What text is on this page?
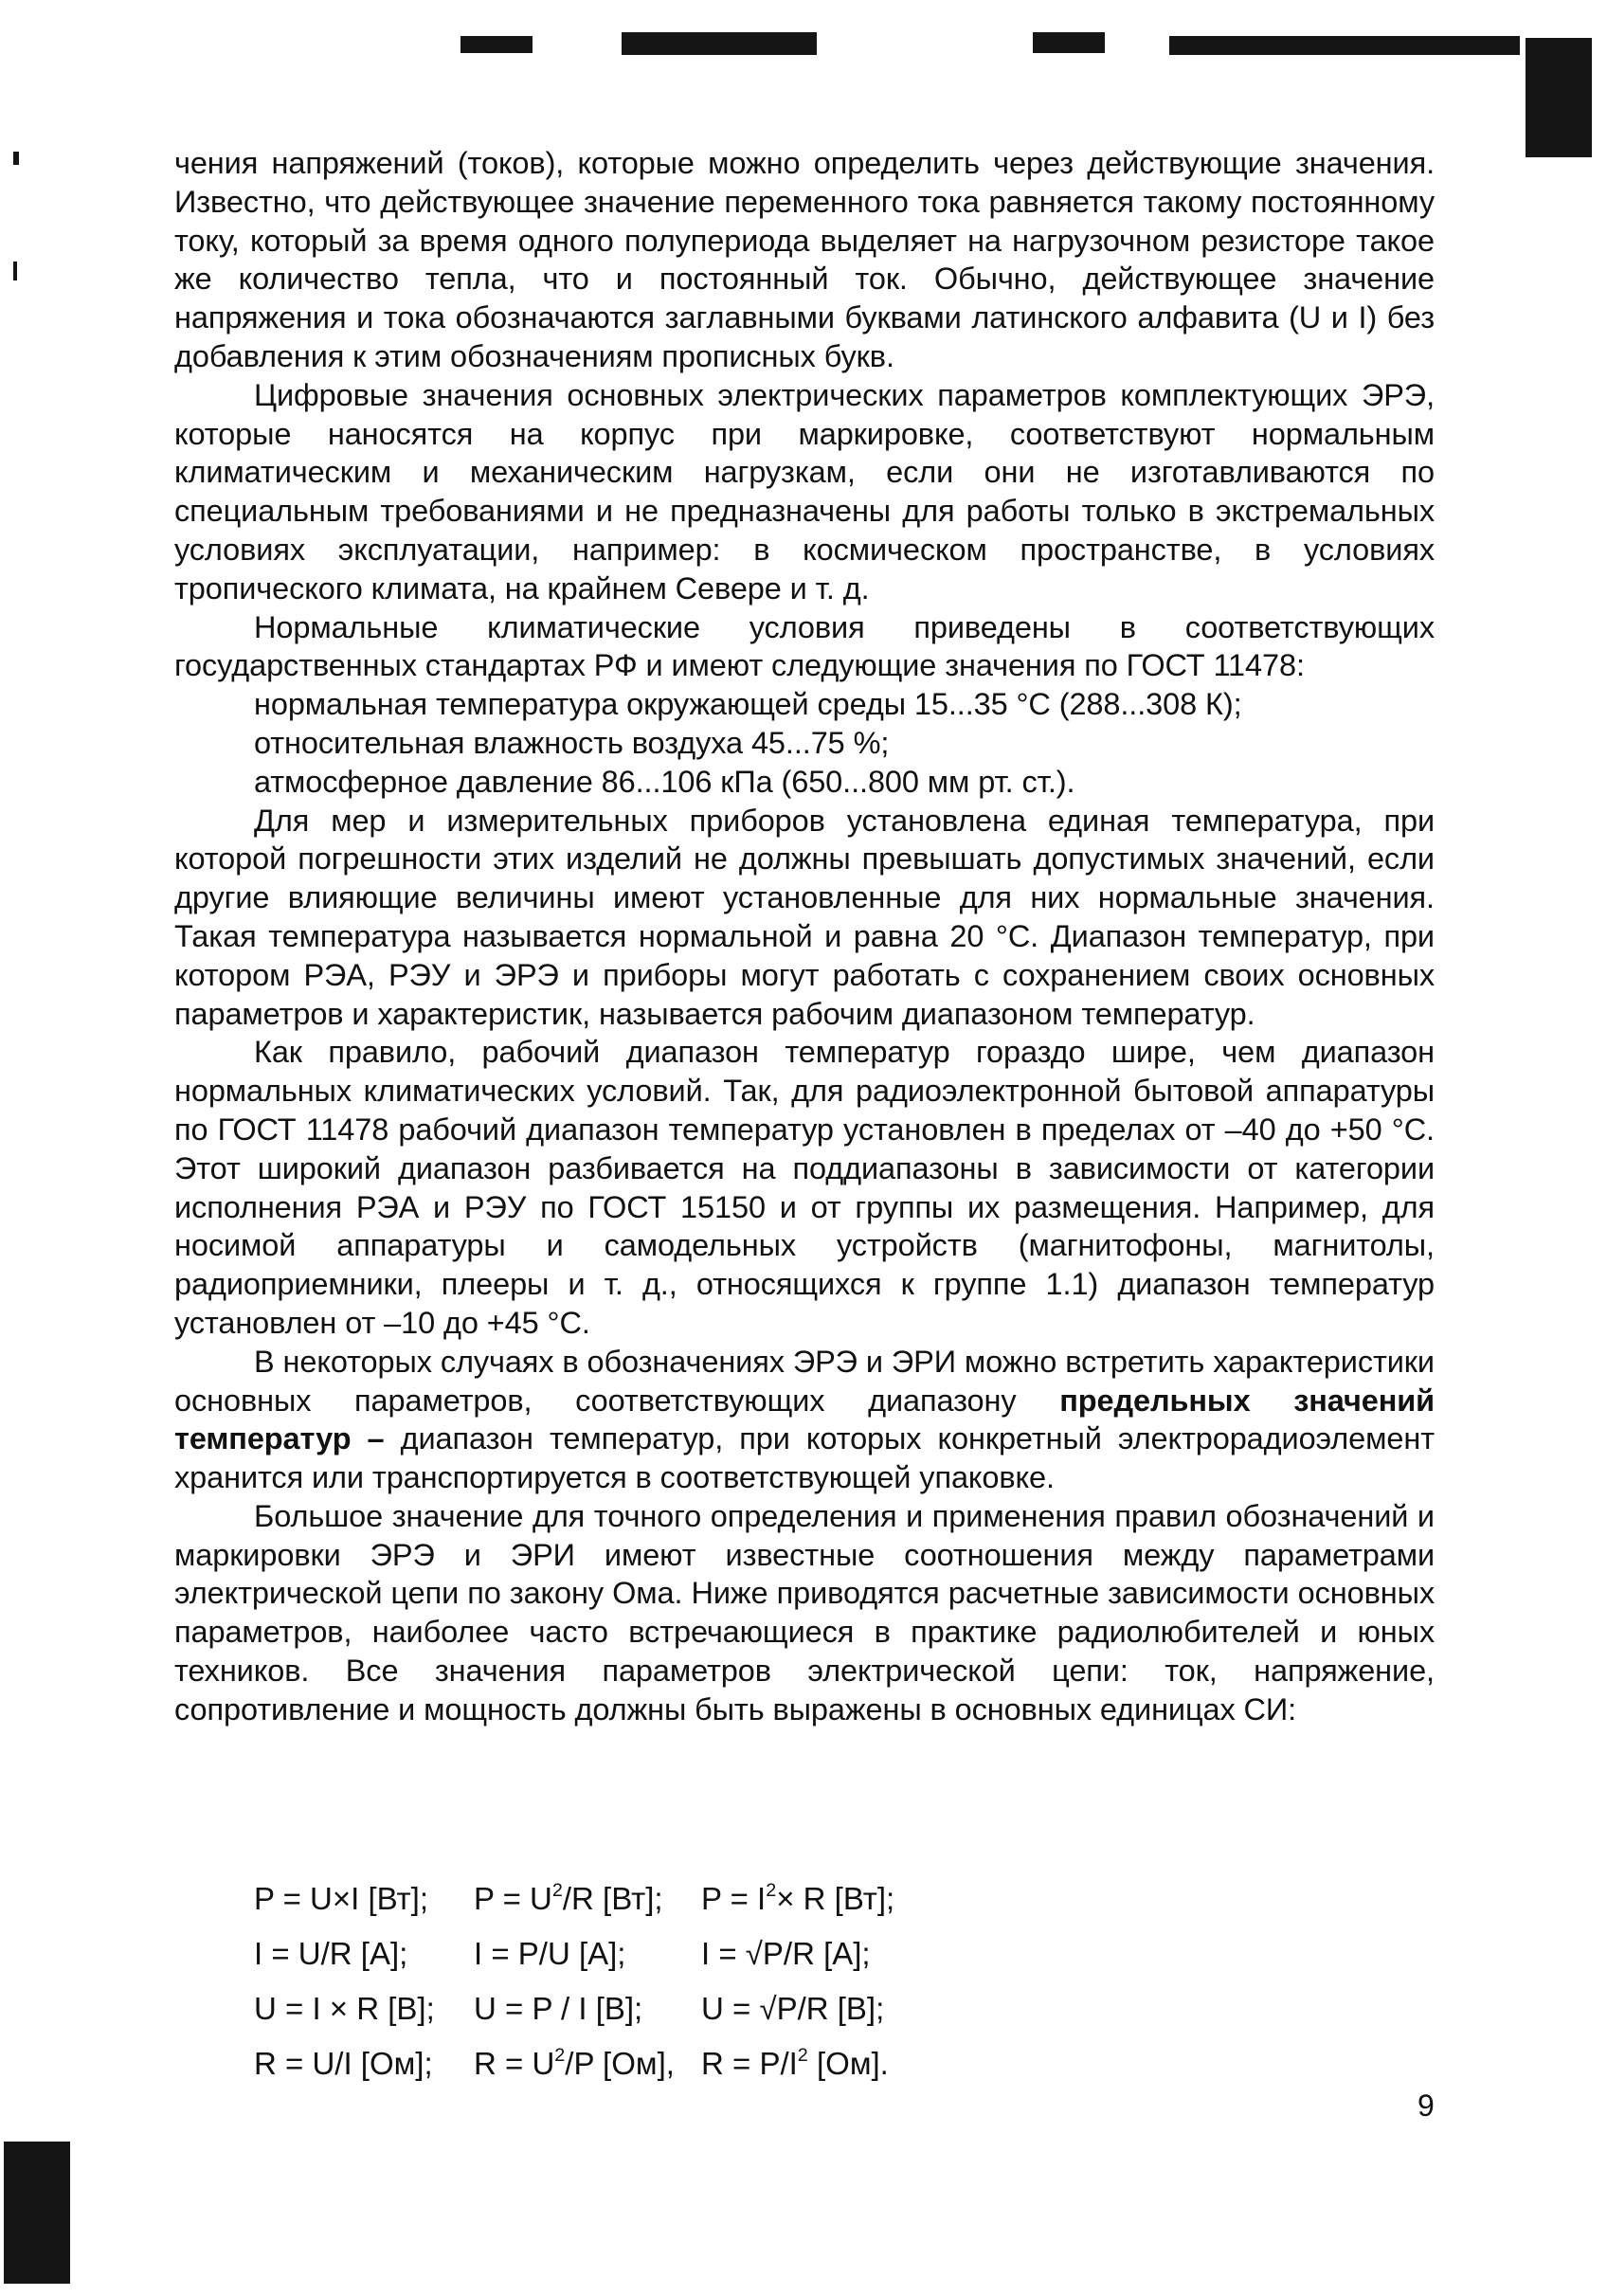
чения напряжений (токов), которые можно определить через действующие значения. Известно, что действующее значение переменного тока равняется такому постоянному току, который за время одного полупериода выделяет на нагрузочном резисторе такое же количество тепла, что и постоянный ток. Обычно, действующее значение напряжения и тока обозначаются заглавными буквами латинского алфавита (U и I) без добавления к этим обозначениям прописных букв.

Цифровые значения основных электрических параметров комплектующих ЭРЭ, которые наносятся на корпус при маркировке, соответствуют нормальным климатическим и механическим нагрузкам, если они не изготавливаются по специальным требованиями и не предназначены для работы только в экстремальных условиях эксплуатации, например: в космическом пространстве, в условиях тропического климата, на крайнем Севере и т. д.

Нормальные климатические условия приведены в соответствующих государственных стандартах РФ и имеют следующие значения по ГОСТ 11478:

нормальная температура окружающей среды 15...35 °С (288...308 К);

относительная влажность воздуха 45...75 %;

атмосферное давление 86...106 кПа (650...800 мм рт. ст.).

Для мер и измерительных приборов установлена единая температура, при которой погрешности этих изделий не должны превышать допустимых значений, если другие влияющие величины имеют установленные для них нормальные значения. Такая температура называется нормальной и равна 20 °С. Диапазон температур, при котором РЭА, РЭУ и ЭРЭ и приборы могут работать с сохранением своих основных параметров и характеристик, называется рабочим диапазоном температур.

Как правило, рабочий диапазон температур гораздо шире, чем диапазон нормальных климатических условий. Так, для радиоэлектронной бытовой аппаратуры по ГОСТ 11478 рабочий диапазон температур установлен в пределах от –40 до +50 °С. Этот широкий диапазон разбивается на поддиапазоны в зависимости от категории исполнения РЭА и РЭУ по ГОСТ 15150 и от группы их размещения. Например, для носимой аппаратуры и самодельных устройств (магнитофоны, магнитолы, радиоприемники, плееры и т. д., относящихся к группе 1.1) диапазон температур установлен от –10 до +45 °С.

В некоторых случаях в обозначениях ЭРЭ и ЭРИ можно встретить характеристики основных параметров, соответствующих диапазону предельных значений температур – диапазон температур, при которых конкретный электрорадиоэлемент хранится или транспортируется в соответствующей упаковке.

Большое значение для точного определения и применения правил обозначений и маркировки ЭРЭ и ЭРИ имеют известные соотношения между параметрами электрической цепи по закону Ома. Ниже приводятся расчетные зависимости основных параметров, наиболее часто встречающиеся в практике радиолюбителей и юных техников. Все значения параметров электрической цепи: ток, напряжение, сопротивление и мощность должны быть выражены в основных единицах СИ:

P = U×I [Вт];	$P = U^2/R$ [Вт];	$P = I^2\times R$ [Вт];
I = U/R [A];	I = P/U [A];	I = √P/R [A];
U = I × R [B];	U = P / I [B];	U = √P/R [B];
R = U/I [Ом];	$R = U^2/P$ [Ом], $R = P/I^2$ [Ом].
9
